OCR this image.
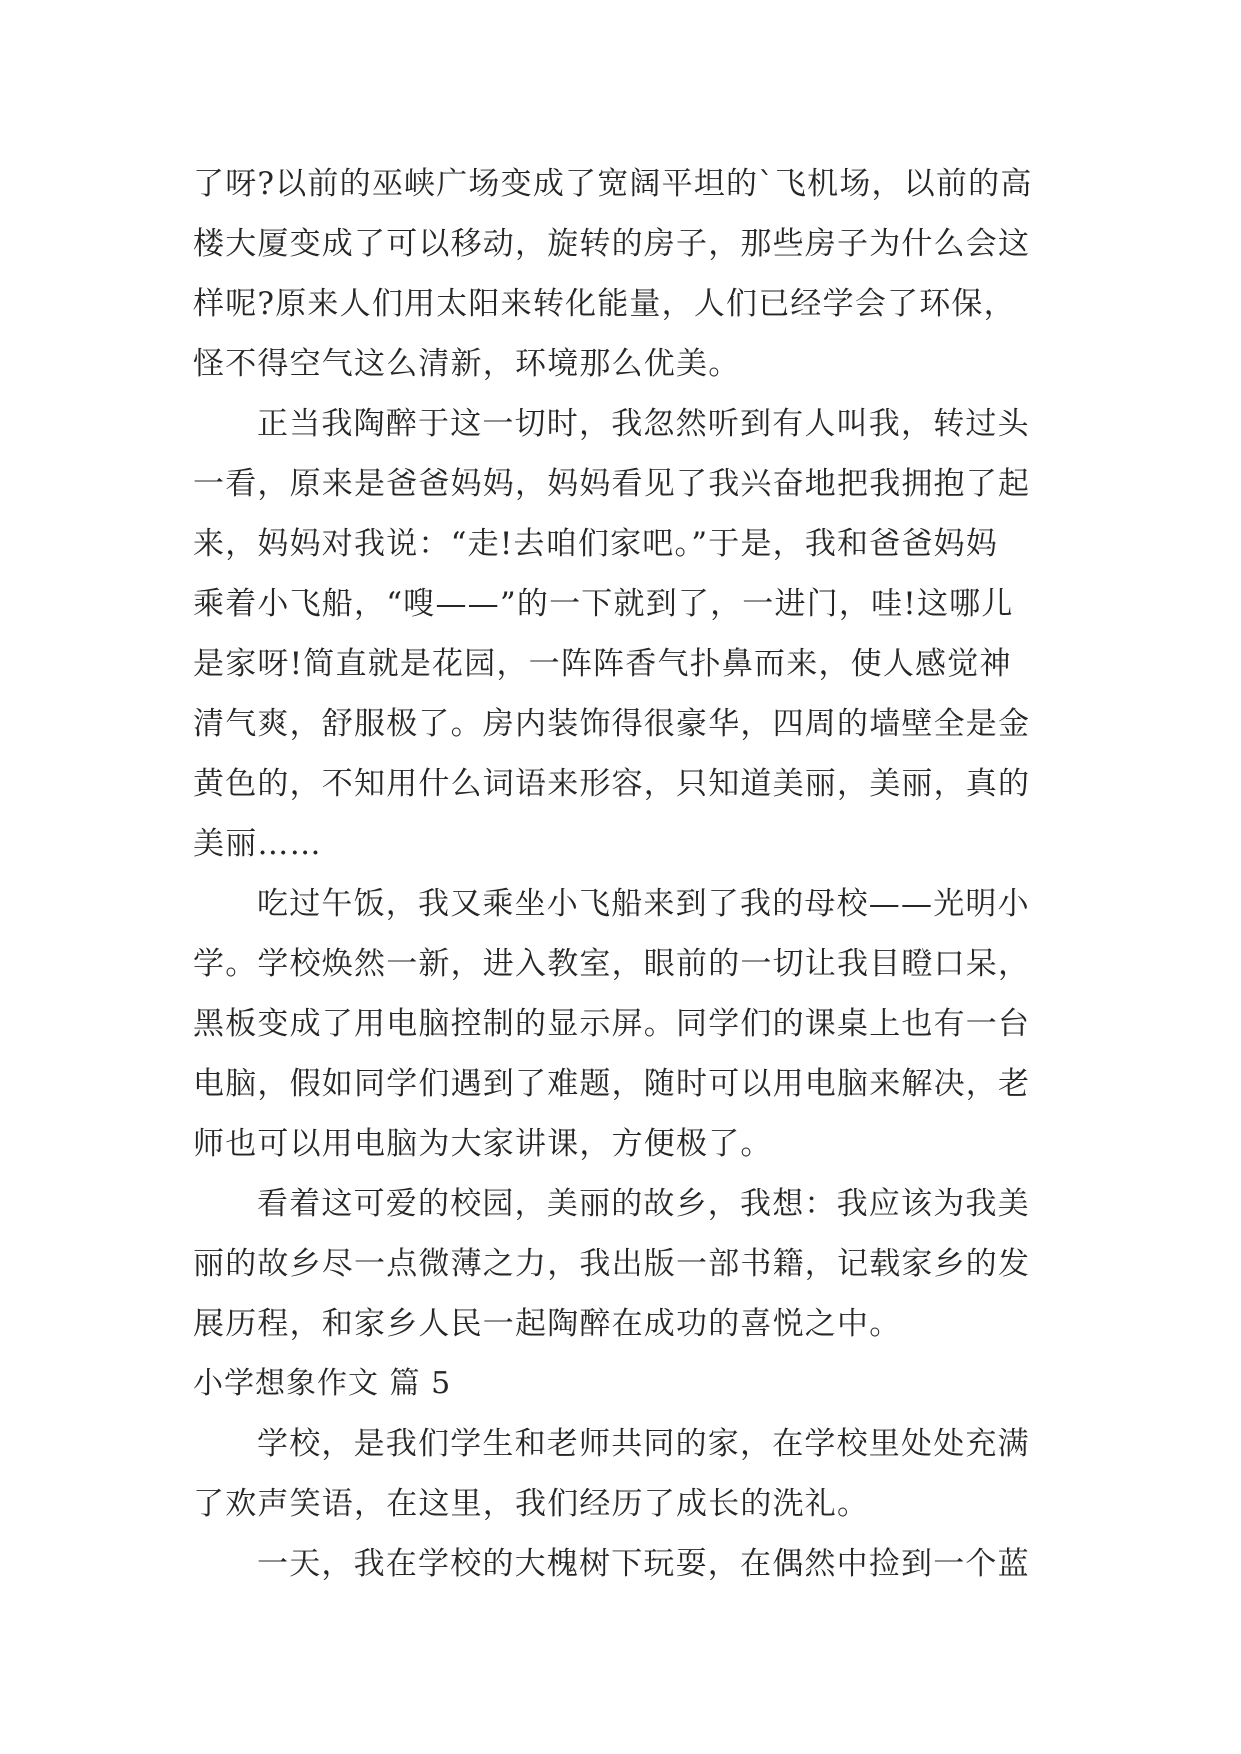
了呀?以前的巫峡广场变成了宽阔平坦的`飞机场，以前的高
楼大厦变成了可以移动，旋转的房子，那些房子为什么会这
样呢?原来人们用太阳来转化能量，人们已经学会了环保，
怪不得空气这么清新，环境那么优美。
正当我陶醉于这一切时，我忽然听到有人叫我，转过头
一看，原来是爸爸妈妈，妈妈看见了我兴奋地把我拥抱了起
来，妈妈对我说：“走!去咱们家吧。”于是，我和爸爸妈妈
乘着小飞船，“嗖——”的一下就到了，一进门，哇!这哪儿
是家呀!简直就是花园，一阵阵香气扑鼻而来，使人感觉神
清气爽，舒服极了。房内装饰得很豪华，四周的墙壁全是金
黄色的，不知用什么词语来形容，只知道美丽，美丽，真的
美丽……
吃过午饭，我又乘坐小飞船来到了我的母校——光明小
学。学校焕然一新，进入教室，眼前的一切让我目瞪口呆，
黑板变成了用电脑控制的显示屏。同学们的课桌上也有一台
电脑，假如同学们遇到了难题，随时可以用电脑来解决，老
师也可以用电脑为大家讲课，方便极了。
看着这可爱的校园，美丽的故乡，我想：我应该为我美
丽的故乡尽一点微薄之力，我出版一部书籍，记载家乡的发
展历程，和家乡人民一起陶醉在成功的喜悦之中。
小学想象作文 篇 5
学校，是我们学生和老师共同的家，在学校里处处充满
了欢声笑语，在这里，我们经历了成长的洗礼。
一天，我在学校的大槐树下玩耍，在偶然中捡到一个蓝
